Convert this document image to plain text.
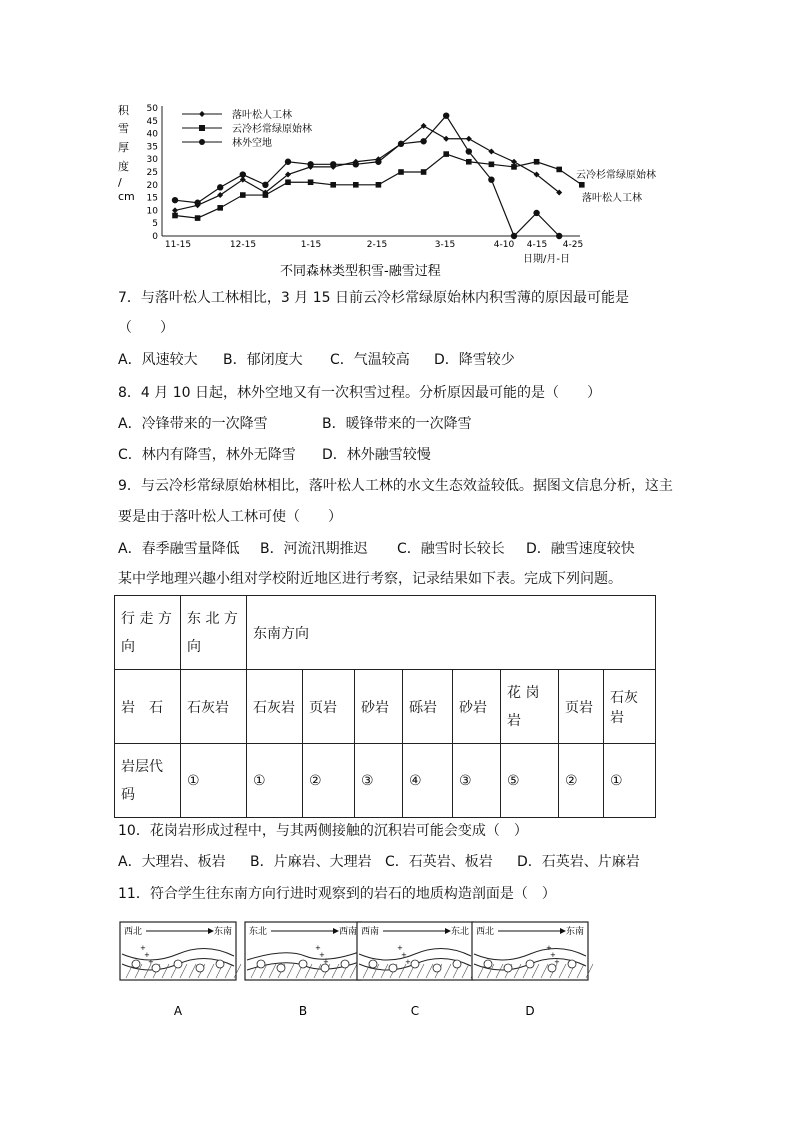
积
雪
厚
度
/
cm
0
5
10
15
20
25
30
35
40
45
50
11-15	12-15	1-15	2-15	3-15	4-10 4-15 4-25
落叶松人工林
云冷杉常绿原始林
林外空地
云冷杉常绿原始林
落叶松人工林
日期/月-日
不同森林类型积雪-融雪过程
7．与落叶松人工林相比，3 月 15 日前云冷杉常绿原始林内积雪薄的原因最可能是
（　　）
A．风速较大 B．郁闭度大 C．气温较高 D．降雪较少
8．4 月 10 日起，林外空地又有一次积雪过程。分析原因最可能的是（　　）
A．冷锋带来的一次降雪	B．暖锋带来的一次降雪
C．林内有降雪，林外无降雪 D．林外融雪较慢
9．与云冷杉常绿原始林相比，落叶松人工林的水文生态效益较低。据图文信息分析，这主
要是由于落叶松人工林可使（　　）
A．春季融雪量降低 B．河流汛期推迟 C．融雪时长较长 D．融雪速度较快
某中学地理兴趣小组对学校附近地区进行考察，记录结果如下表。完成下列问题。
行 走 方 向	东 北 方 向	东南方向							
岩　石	石灰岩	石灰岩	页岩	砂岩	砾岩	砂岩	花 岗 岩	页岩	石灰岩
岩层代 码	①	①	②	③	④	③	⑤	②	①
10．花岗岩形成过程中，与其两侧接触的沉积岩可能会变成（　）
A．大理岩、板岩 B．片麻岩、大理岩 C．石英岩、板岩 D．石英岩、片麻岩
11．符合学生往东南方向行进时观察到的岩石的地质构造剖面是（　）
西北	东南
+
+
+
A
东北	西南
+
+
+
B
西南	东北
+
+
+
C
西北	东南
+
+
+
D
